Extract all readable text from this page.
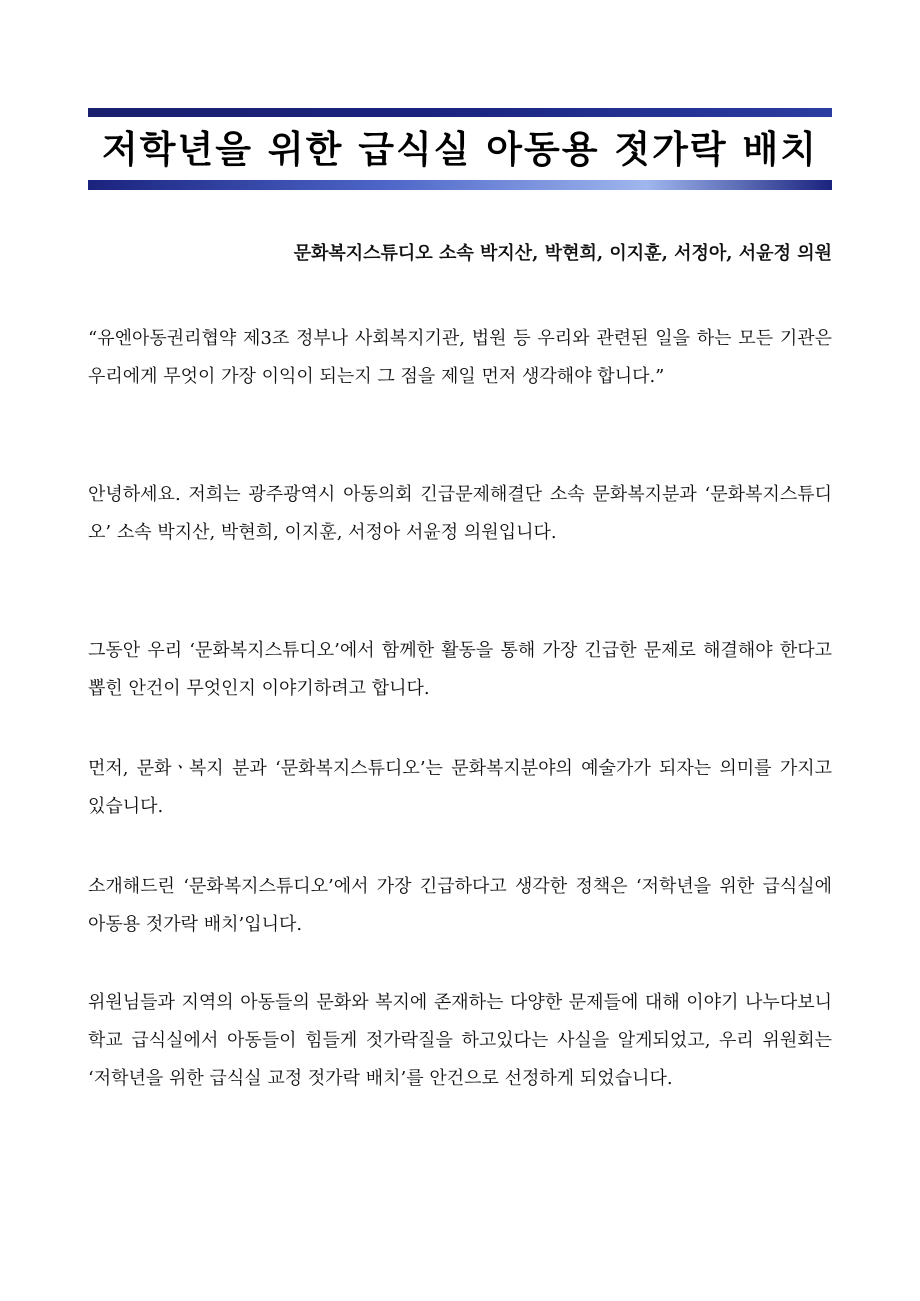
저학년을 위한 급식실 아동용 젓가락 배치

문화복지스튜디오 소속 박지산, 박현희, 이지훈, 서정아, 서윤정 의원

“유엔아동권리협약 제3조 정부나 사회복지기관, 법원 등 우리와 관련된 일을 하는 모든 기관은 우리에게 무엇이 가장 이익이 되는지 그 점을 제일 먼저 생각해야 합니다.”

안녕하세요. 저희는 광주광역시 아동의회 긴급문제해결단 소속 문화복지분과 ‘문화복지스튜디오’ 소속 박지산, 박현희, 이지훈, 서정아 서윤정 의원입니다.

그동안 우리 ‘문화복지스튜디오’에서 함께한 활동을 통해 가장 긴급한 문제로 해결해야 한다고 뽑힌 안건이 무엇인지 이야기하려고 합니다.

먼저, 문화ㆍ복지 분과 ‘문화복지스튜디오’는 문화복지분야의 예술가가 되자는 의미를 가지고 있습니다.

소개해드린 ‘문화복지스튜디오’에서 가장 긴급하다고 생각한 정책은 ‘저학년을 위한 급식실에 아동용 젓가락 배치’입니다.

위원님들과 지역의 아동들의 문화와 복지에 존재하는 다양한 문제들에 대해 이야기 나누다보니 학교 급식실에서 아동들이 힘들게 젓가락질을 하고있다는 사실을 알게되었고, 우리 위원회는 ‘저학년을 위한 급식실 교정 젓가락 배치’를 안건으로 선정하게 되었습니다.
